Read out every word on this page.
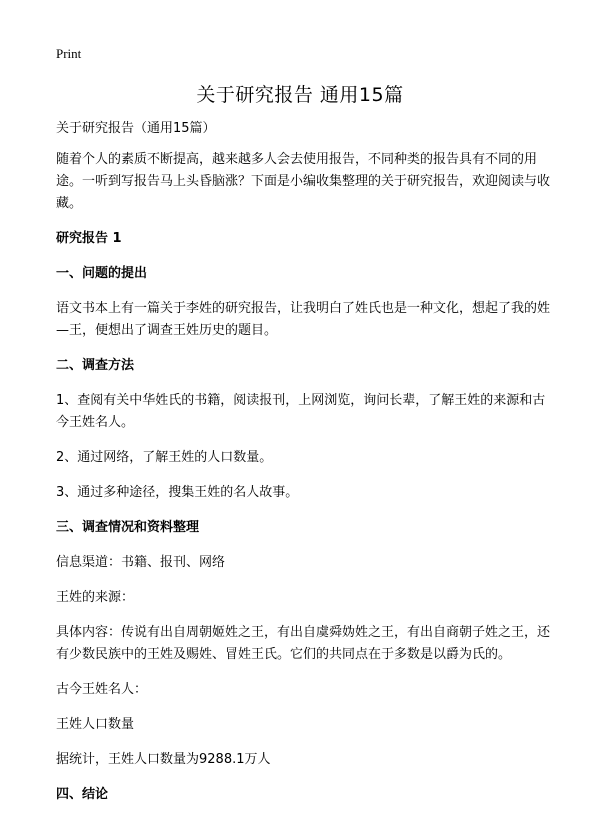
Print
关于研究报告 通用15篇

关于研究报告（通用15篇）

随着个人的素质不断提高，越来越多人会去使用报告，不同种类的报告具有不同的用途。一听到写报告马上头昏脑涨？下面是小编收集整理的关于研究报告，欢迎阅读与收藏。

研究报告 1

一、问题的提出

语文书本上有一篇关于李姓的研究报告，让我明白了姓氏也是一种文化，想起了我的姓—王，便想出了调查王姓历史的题目。

二、调查方法

1、查阅有关中华姓氏的书籍，阅读报刊，上网浏览，询问长辈，了解王姓的来源和古今王姓名人。

2、通过网络，了解王姓的人口数量。

3、通过多种途径，搜集王姓的名人故事。

三、调查情况和资料整理

信息渠道：书籍、报刊、网络

王姓的来源：

具体内容：传说有出自周朝姬姓之王，有出自虞舜妫姓之王，有出自商朝子姓之王，还有少数民族中的王姓及赐姓、冒姓王氏。它们的共同点在于多数是以爵为氏的。

古今王姓名人：

王姓人口数量

据统计，王姓人口数量为9288.1万人

四、结论
